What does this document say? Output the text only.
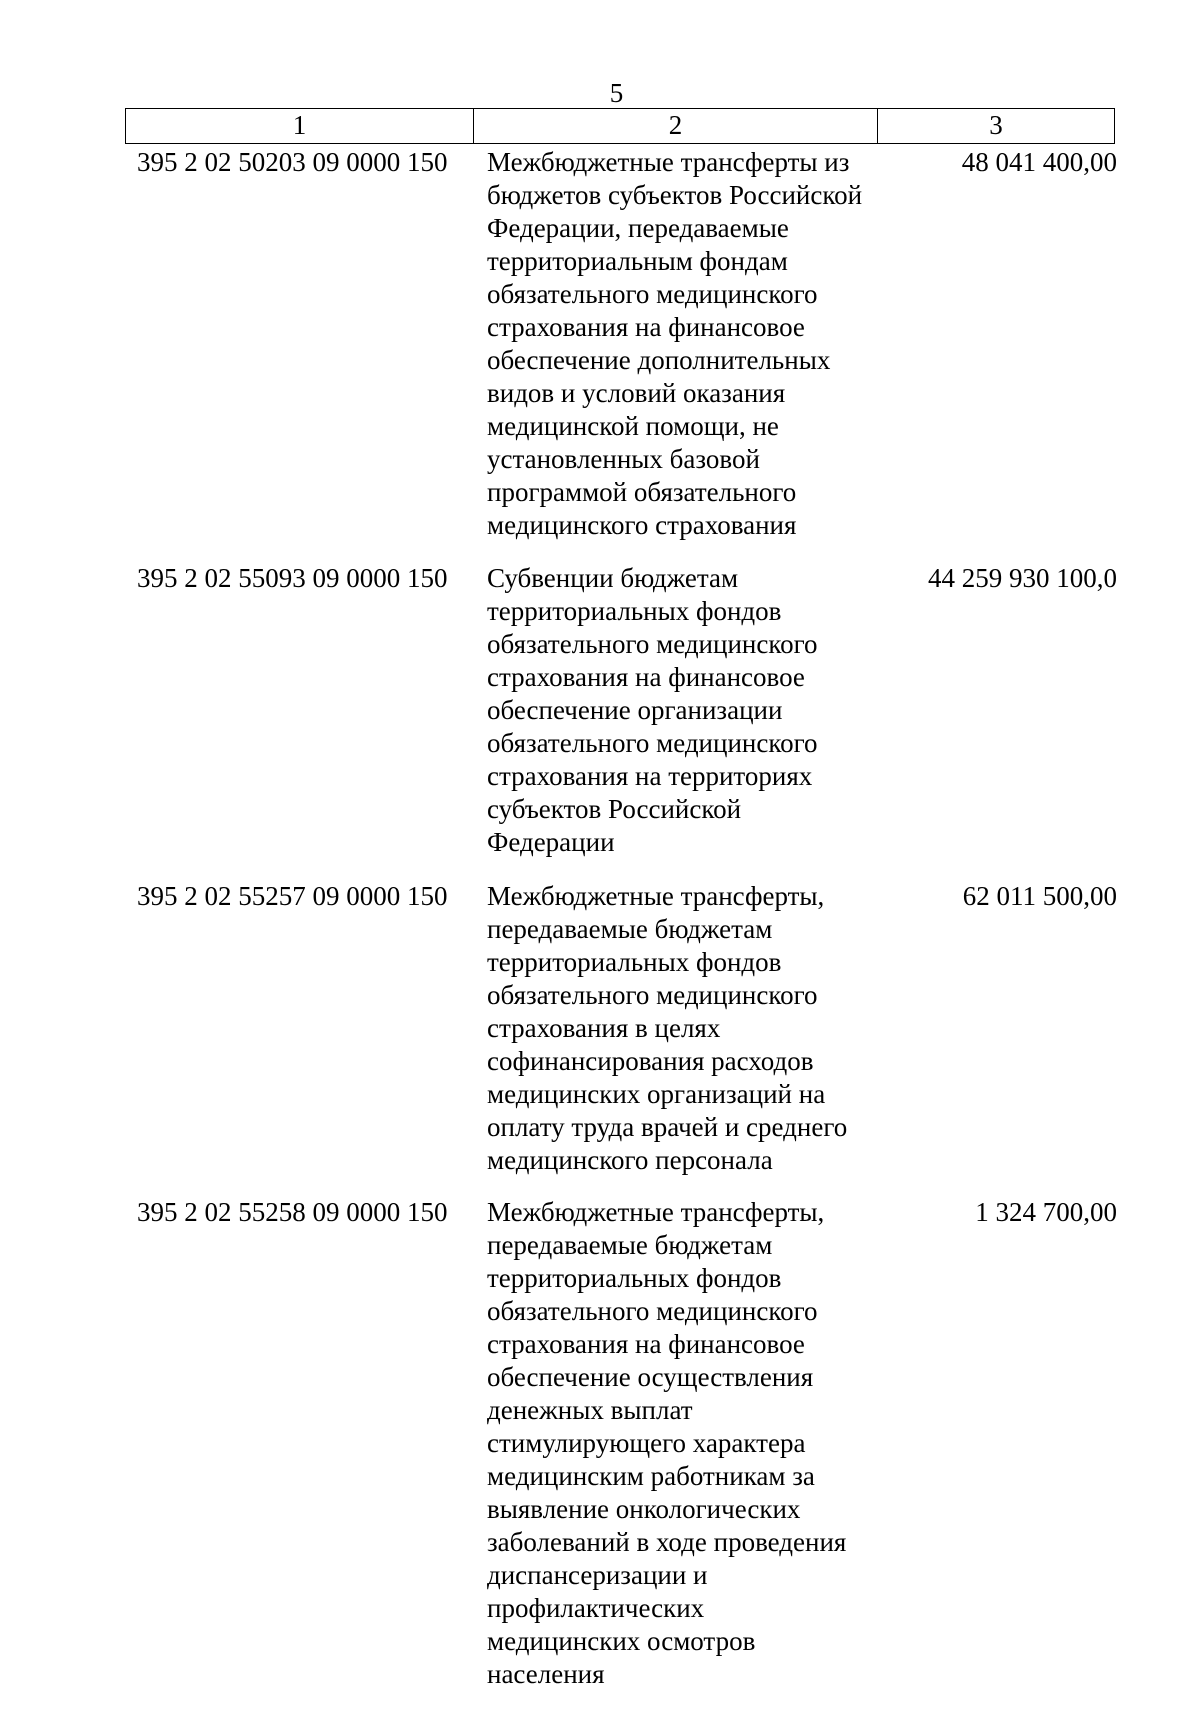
5
1	2	3
395 2 02 50203 09 0000 150 Межбюджетные трансферты из
бюджетов субъектов Российской
Федерации, передаваемые
территориальным фондам
обязательного медицинского
страхования на финансовое
обеспечение дополнительных
видов и условий оказания
медицинской помощи, не
установленных базовой
программой обязательного
медицинского страхования
48 041 400,00
395 2 02 55093 09 0000 150 Субвенции бюджетам
территориальных фондов
обязательного медицинского
страхования на финансовое
обеспечение организации
обязательного медицинского
страхования на территориях
субъектов Российской
Федерации
44 259 930 100,0
395 2 02 55257 09 0000 150 Межбюджетные трансферты,
передаваемые бюджетам
территориальных фондов
обязательного медицинского
страхования в целях
софинансирования расходов
медицинских организаций на
оплату труда врачей и среднего
медицинского персонала
62 011 500,00
395 2 02 55258 09 0000 150 Межбюджетные трансферты,
передаваемые бюджетам
территориальных фондов
обязательного медицинского
страхования на финансовое
обеспечение осуществления
денежных выплат
стимулирующего характера
медицинским работникам за
выявление онкологических
заболеваний в ходе проведения
диспансеризации и
профилактических
медицинских осмотров
населения
1 324 700,00
